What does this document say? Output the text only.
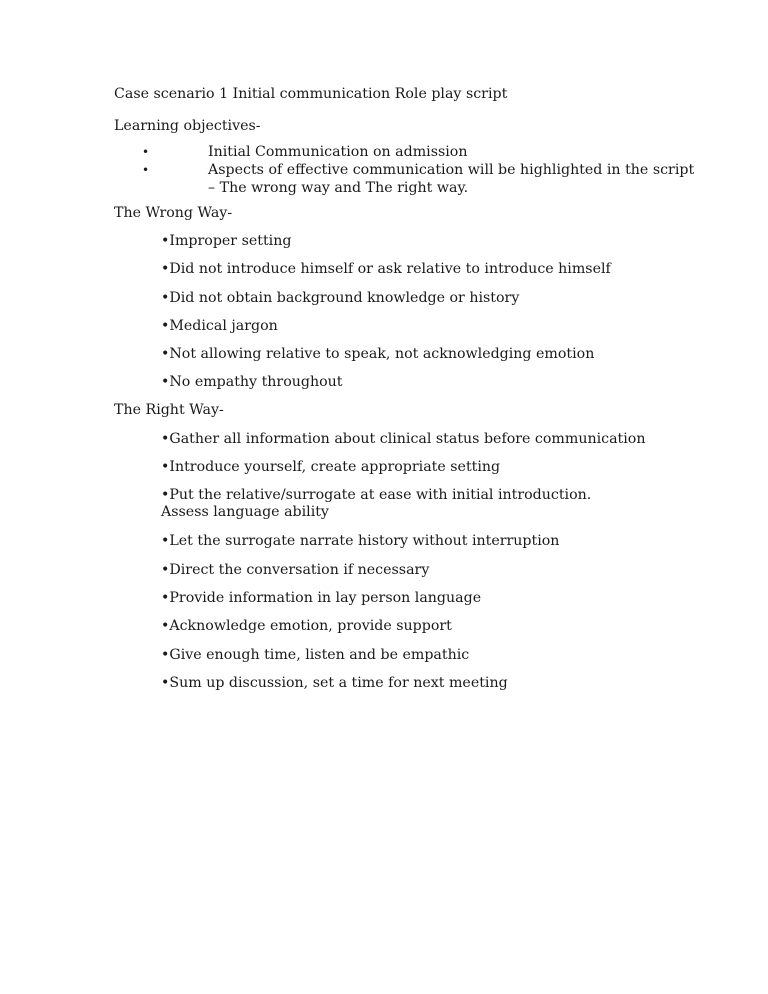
Case scenario 1 Initial communication Role play script
Learning objectives-
•	Initial Communication on admission
•	Aspects of effective communication will be highlighted in the script
– The wrong way and The right way.
The Wrong Way-
•Improper setting
•Did not introduce himself or ask relative to introduce himself
•Did not obtain background knowledge or history
•Medical jargon
•Not allowing relative to speak, not acknowledging emotion
•No empathy throughout
The Right Way-
•Gather all information about clinical status before communication
•Introduce yourself, create appropriate setting
•Put the relative/surrogate at ease with initial introduction. Assess language ability
•Let the surrogate narrate history without interruption
•Direct the conversation if necessary
•Provide information in lay person language
•Acknowledge emotion, provide support
•Give enough time, listen and be empathic
•Sum up discussion, set a time for next meeting
